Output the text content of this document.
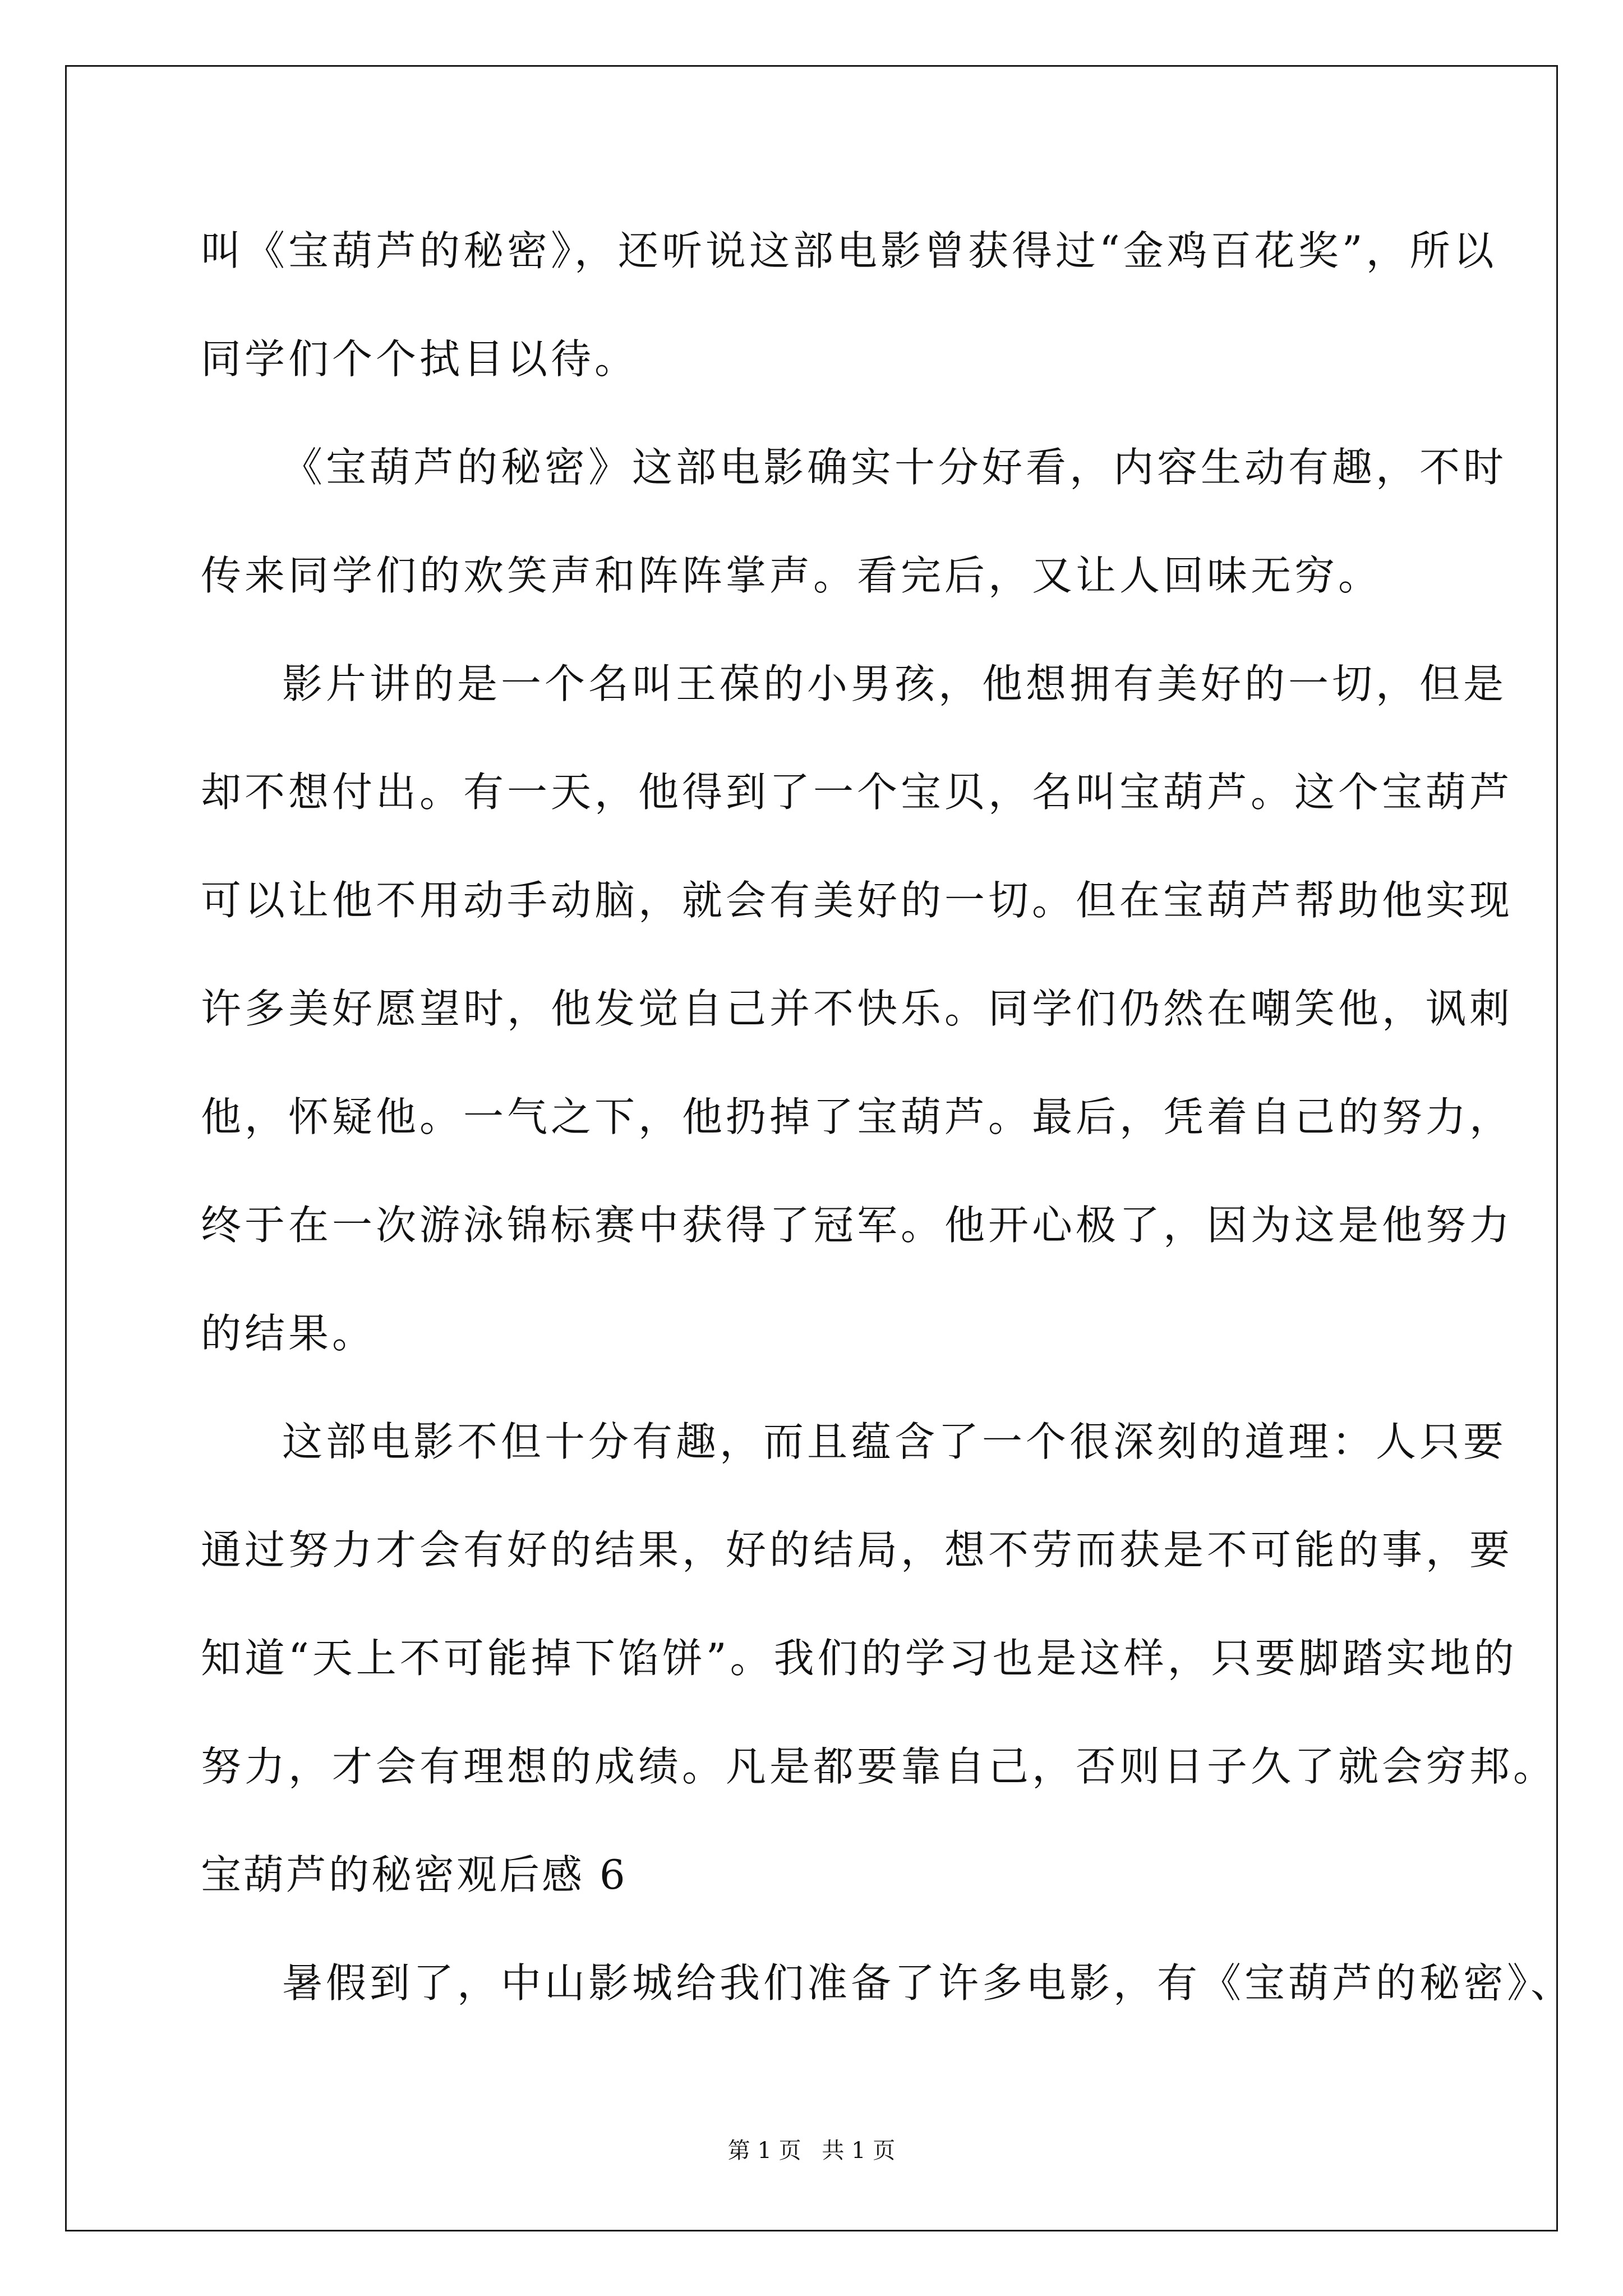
叫《宝葫芦的秘密》，还听说这部电影曾获得过“金鸡百花奖”，所以
同学们个个拭目以待。
《宝葫芦的秘密》这部电影确实十分好看，内容生动有趣，不时
传来同学们的欢笑声和阵阵掌声。看完后，又让人回味无穷。
影片讲的是一个名叫王葆的小男孩，他想拥有美好的一切，但是
却不想付出。有一天，他得到了一个宝贝，名叫宝葫芦。这个宝葫芦
可以让他不用动手动脑，就会有美好的一切。但在宝葫芦帮助他实现
许多美好愿望时，他发觉自己并不快乐。同学们仍然在嘲笑他，讽刺
他，怀疑他。一气之下，他扔掉了宝葫芦。最后，凭着自己的努力，
终于在一次游泳锦标赛中获得了冠军。他开心极了，因为这是他努力
的结果。
这部电影不但十分有趣，而且蕴含了一个很深刻的道理：人只要
通过努力才会有好的结果，好的结局，想不劳而获是不可能的事，要
知道“天上不可能掉下馅饼”。我们的学习也是这样，只要脚踏实地的
努力，才会有理想的成绩。凡是都要靠自己，否则日子久了就会穷邦。
宝葫芦的秘密观后感 6
暑假到了，中山影城给我们准备了许多电影，有《宝葫芦的秘密》、
第 1 页 共 1 页
